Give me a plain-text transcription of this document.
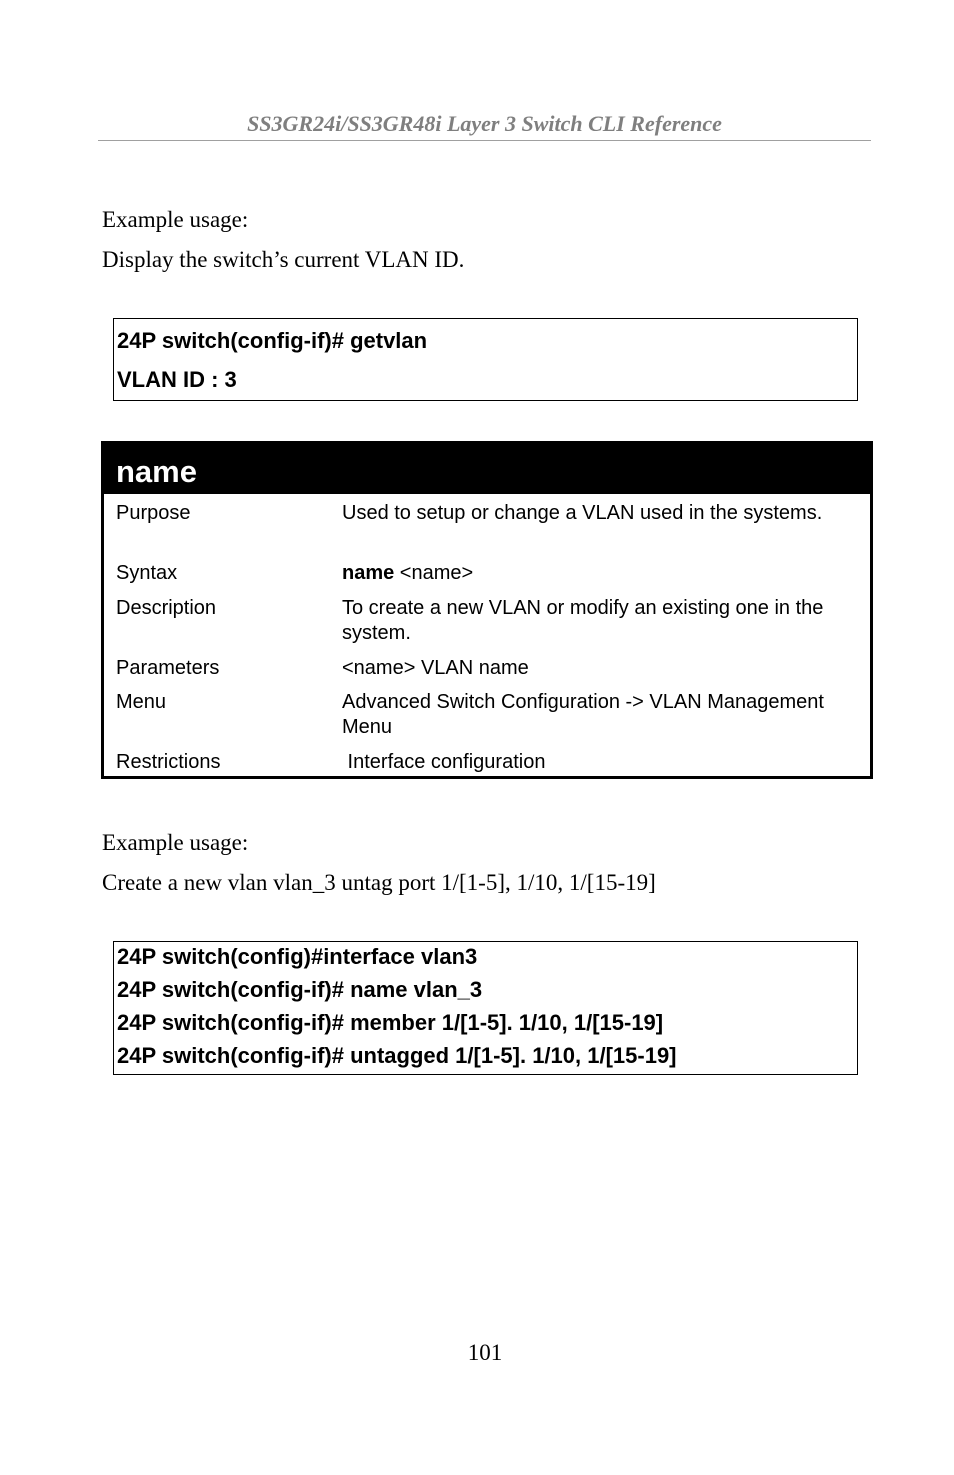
SS3GR24i/SS3GR48i Layer 3 Switch CLI Reference
Example usage:
Display the switch’s current VLAN ID.
24P switch(config-if)# getvlan
VLAN ID : 3
name
Purpose	Used to setup or change a VLAN used in the systems.
Syntax	name <name>
Description	To create a new VLAN or modify an existing one in the system.
Parameters	<name> VLAN name
Menu	Advanced Switch Configuration -> VLAN Management Menu
Restrictions	Interface configuration
Example usage:
Create a new vlan vlan_3 untag port 1/[1-5], 1/10, 1/[15-19]
24P switch(config)#interface vlan3
24P switch(config-if)# name vlan_3
24P switch(config-if)# member 1/[1-5]. 1/10, 1/[15-19]
24P switch(config-if)# untagged 1/[1-5]. 1/10, 1/[15-19]
101
